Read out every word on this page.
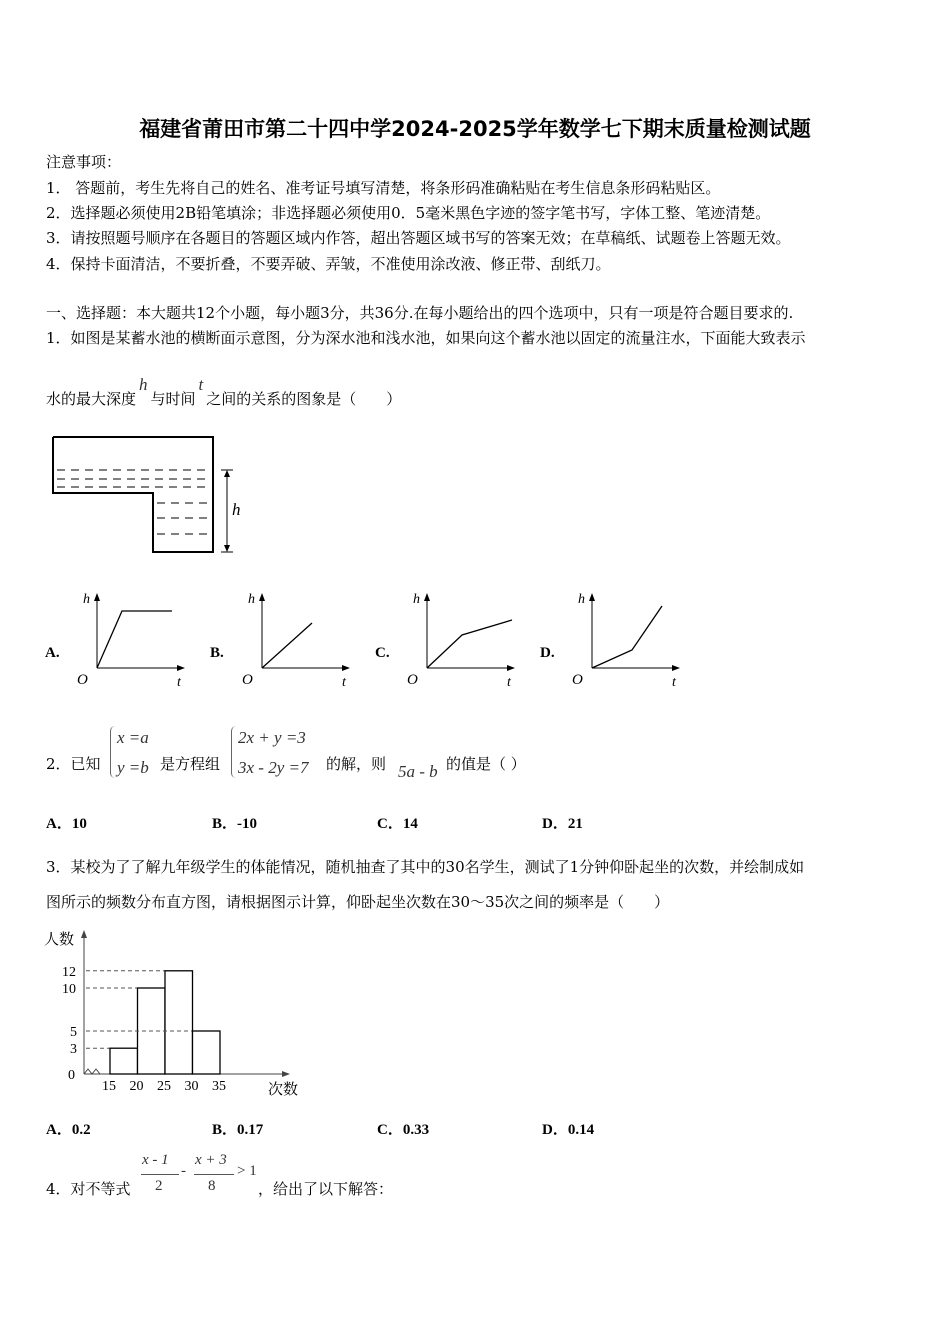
福建省莆田市第二十四中学2024-2025学年数学七下期末质量检测试题
注意事项：
1． 答题前，考生先将自己的姓名、准考证号填写清楚，将条形码准确粘贴在考生信息条形码粘贴区。
2．选择题必须使用2B铅笔填涂；非选择题必须使用0．5毫米黑色字迹的签字笔书写，字体工整、笔迹清楚。
3．请按照题号顺序在各题目的答题区域内作答，超出答题区域书写的答案无效；在草稿纸、试题卷上答题无效。
4．保持卡面清洁，不要折叠，不要弄破、弄皱，不准使用涂改液、修正带、刮纸刀。
一、选择题：本大题共12个小题，每小题3分，共36分.在每小题给出的四个选项中，只有一项是符合题目要求的.
1．如图是某蓄水池的横断面示意图，分为深水池和浅水池，如果向这个蓄水池以固定的流量注水，下面能大致表示
水的最大深度h与时间t之间的关系的图象是（　　）
h
A.
h
O	t
B.
h
O	t
C.
h
O	t
D.
h
O	t
2．已知
x =a
y =b 是方程组
2x + y =3
3x - 2y =7 的解，则 5a - b 的值是（ ）
A．10	B．-10	C．14	D．21
3．某校为了了解九年级学生的体能情况，随机抽查了其中的30名学生，测试了1分钟仰卧起坐的次数，并绘制成如
图所示的频数分布直方图，请根据图示计算，仰卧起坐次数在30～35次之间的频率是（　　）
人数
次数
0
3
5
10
12
15 20 25 30 35
A．0.2	B．0.17	C．0.33	D．0.14
4．对不等式
x - 1
2
-
x + 3
8
> 1
，给出了以下解答：
